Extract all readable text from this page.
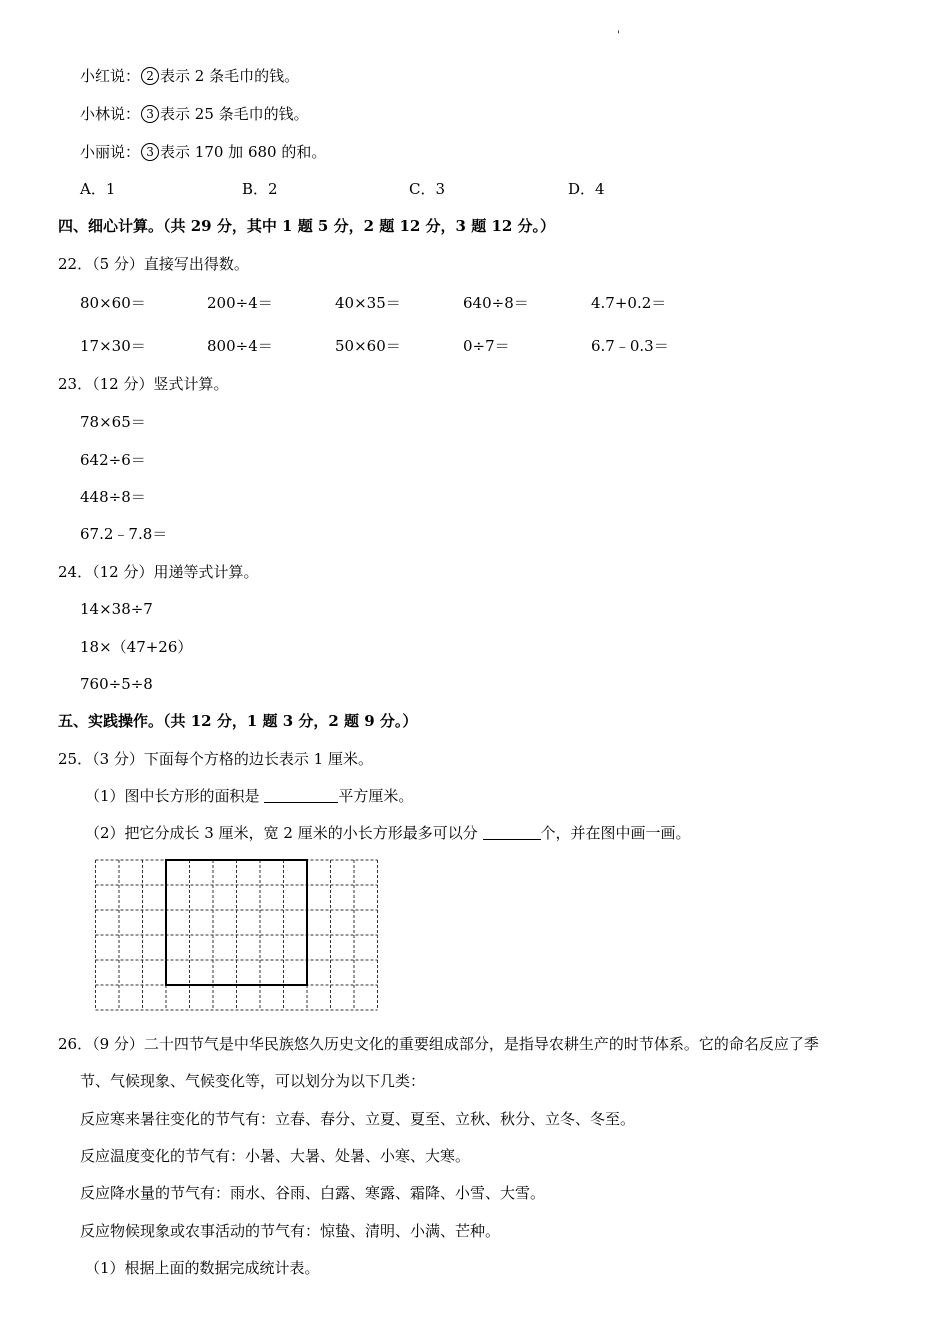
'
小红说： 2 表示 2 条毛巾的钱。
小林说： 3 表示 25 条毛巾的钱。
小丽说： 3 表示 170 加 680 的和。
A．1	B．2	C．3	D．4
四、细心计算。（共 29 分，其中 1 题 5 分，2 题 12 分，3 题 12 分。）
22．（5 分）直接写出得数。
80×60＝	200÷4＝	40×35＝	640÷8＝	4.7+0.2＝
17×30＝	800÷4＝	50×60＝	0÷7＝	6.7﹣0.3＝
23．（12 分）竖式计算。
78×65＝
642÷6＝
448÷8＝
67.2﹣7.8＝
24．（12 分）用递等式计算。
14×38÷7
18×（47+26）
760÷5÷8
五、实践操作。（共 12 分，1 题 3 分，2 题 9 分。）
25．（3 分）下面每个方格的边长表示 1 厘米。
（1）图中长方形的面积是	平方厘米。
（2）把它分成长 3 厘米，宽 2 厘米的小长方形最多可以分	个，并在图中画一画。
26．（9 分）二十四节气是中华民族悠久历史文化的重要组成部分，是指导农耕生产的时节体系。它的命名反应了季
节、气候现象、气候变化等，可以划分为以下几类：
反应寒来暑往变化的节气有：立春、春分、立夏、夏至、立秋、秋分、立冬、冬至。
反应温度变化的节气有：小暑、大暑、处暑、小寒、大寒。
反应降水量的节气有：雨水、谷雨、白露、寒露、霜降、小雪、大雪。
反应物候现象或农事活动的节气有：惊蛰、清明、小满、芒种。
（1）根据上面的数据完成统计表。
